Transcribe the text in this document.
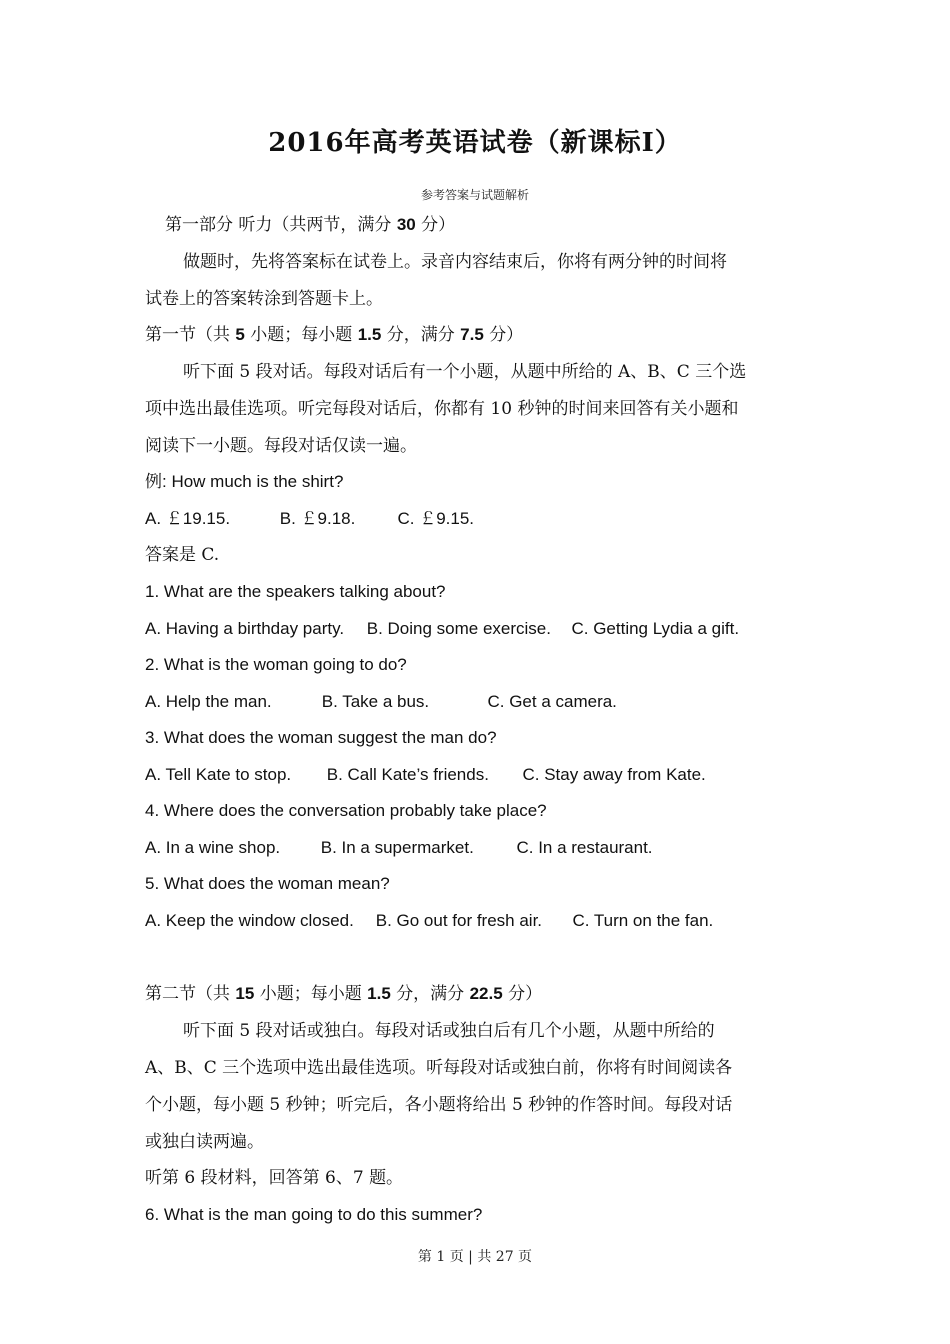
2016年高考英语试卷（新课标Ⅰ）
参考答案与试题解析
第一部分 听力（共两节，满分 30 分）
做题时，先将答案标在试卷上。录音内容结束后，你将有两分钟的时间将
试卷上的答案转涂到答题卡上。
第一节（共 5 小题；每小题 1.5 分，满分 7.5 分）
听下面 5 段对话。每段对话后有一个小题，从题中所给的 A、B、C 三个选
项中选出最佳选项。听完每段对话后，你都有 10 秒钟的时间来回答有关小题和
阅读下一小题。每段对话仅读一遍。
例: How much is the shirt?
A. ￡19.15.	B. ￡9.18. C. ￡9.15.
答案是 C.
1. What are the speakers talking about?
A. Having a birthday party. B. Doing some exercise. C. Getting Lydia a gift.
2. What is the woman going to do?
A. Help the man.	B. Take a bus.	C. Get a camera.
3. What does the woman suggest the man do?
A. Tell Kate to stop. B. Call Kate’s friends. C. Stay away from Kate.
4. Where does the conversation probably take place?
A. In a wine shop. B. In a supermarket.	C. In a restaurant.
5. What does the woman mean?
A. Keep the window closed. B. Go out for fresh air. C. Turn on the fan.
第二节（共 15 小题；每小题 1.5 分，满分 22.5 分）
听下面 5 段对话或独白。每段对话或独白后有几个小题，从题中所给的
A、B、C 三个选项中选出最佳选项。听每段对话或独白前，你将有时间阅读各
个小题，每小题 5 秒钟；听完后，各小题将给出 5 秒钟的作答时间。每段对话
或独白读两遍。
听第 6 段材料，回答第 6、7 题。
6. What is the man going to do this summer?
第 1 页 | 共 27 页
